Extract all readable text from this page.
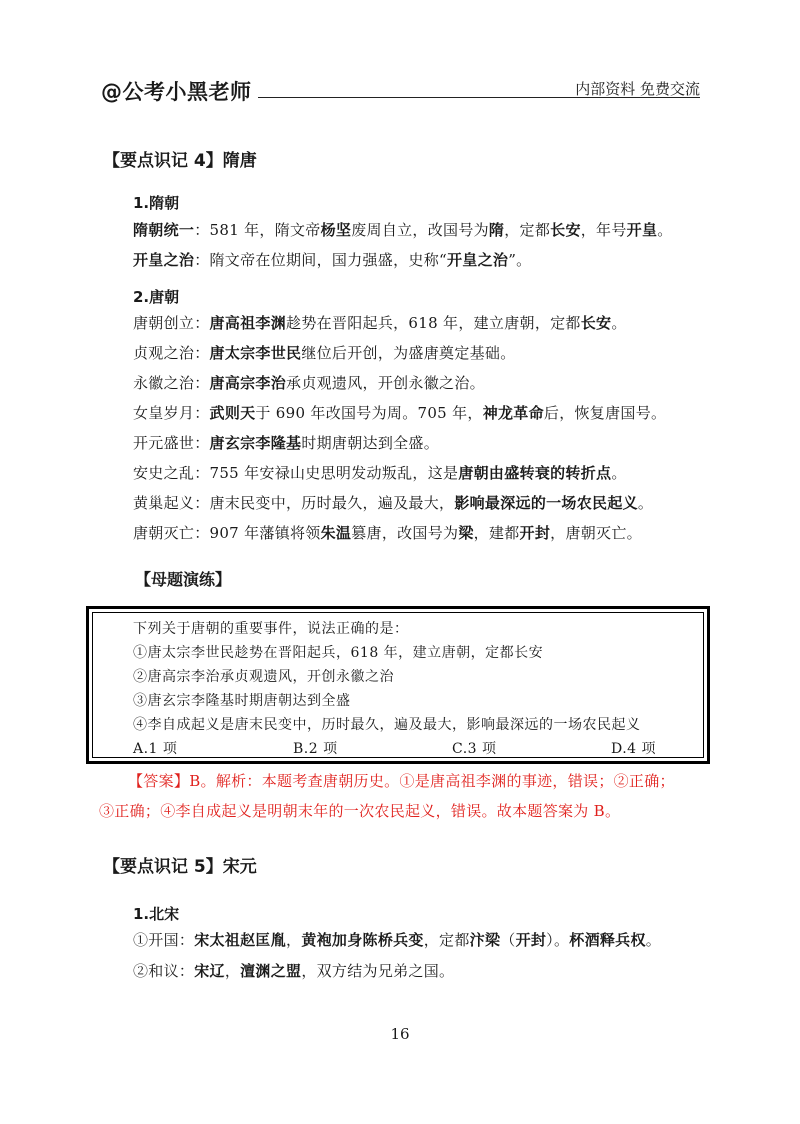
@公考小黑老师	内部资料 免费交流
【要点识记 4】隋唐
1.隋朝
隋朝统一：581 年，隋文帝杨坚废周自立，改国号为隋，定都长安，年号开皇。
开皇之治：隋文帝在位期间，国力强盛，史称“开皇之治”。
2.唐朝
唐朝创立：唐高祖李渊趁势在晋阳起兵，618 年，建立唐朝，定都长安。
贞观之治：唐太宗李世民继位后开创，为盛唐奠定基础。
永徽之治：唐高宗李治承贞观遗风，开创永徽之治。
女皇岁月：武则天于 690 年改国号为周。705 年，神龙革命后，恢复唐国号。
开元盛世：唐玄宗李隆基时期唐朝达到全盛。
安史之乱：755 年安禄山史思明发动叛乱，这是唐朝由盛转衰的转折点。
黄巢起义：唐末民变中，历时最久，遍及最大，影响最深远的一场农民起义。
唐朝灭亡：907 年藩镇将领朱温篡唐，改国号为梁，建都开封，唐朝灭亡。
【母题演练】
下列关于唐朝的重要事件，说法正确的是：
①唐太宗李世民趁势在晋阳起兵，618 年，建立唐朝，定都长安
②唐高宗李治承贞观遗风，开创永徽之治
③唐玄宗李隆基时期唐朝达到全盛
④李自成起义是唐末民变中，历时最久，遍及最大，影响最深远的一场农民起义
A.1 项	B.2 项	C.3 项	D.4 项
【答案】B。解析：本题考查唐朝历史。①是唐高祖李渊的事迹，错误；②正确；
③正确；④李自成起义是明朝末年的一次农民起义，错误。故本题答案为 B。
【要点识记 5】宋元
1.北宋
①开国：宋太祖赵匡胤，黄袍加身陈桥兵变，定都汴梁（开封）。杯酒释兵权。
②和议：宋辽，澶渊之盟，双方结为兄弟之国。
16
